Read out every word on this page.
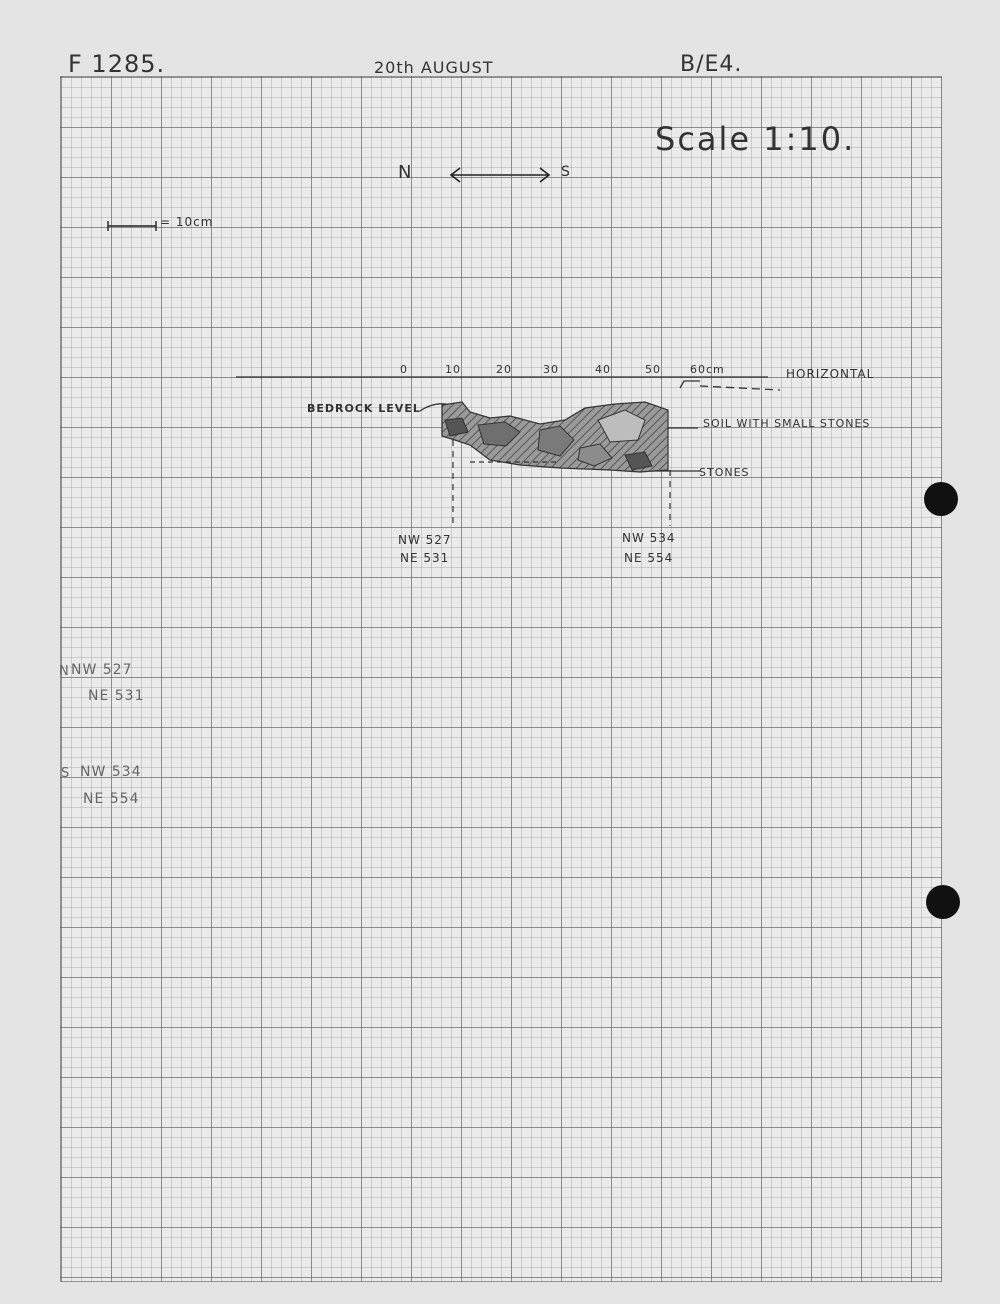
F 1285.	20th AUGUST	B/E4.
Scale 1:10.
N	S
= 10cm
0	10	20	30	40	50	60cm	HORIZONTAL
BEDROCK LEVEL
SOIL WITH SMALL STONES
STONES
NW 527
NE 531
NW 534
NE 554
N NW 527
NE 531
S NW 534
NE 554
